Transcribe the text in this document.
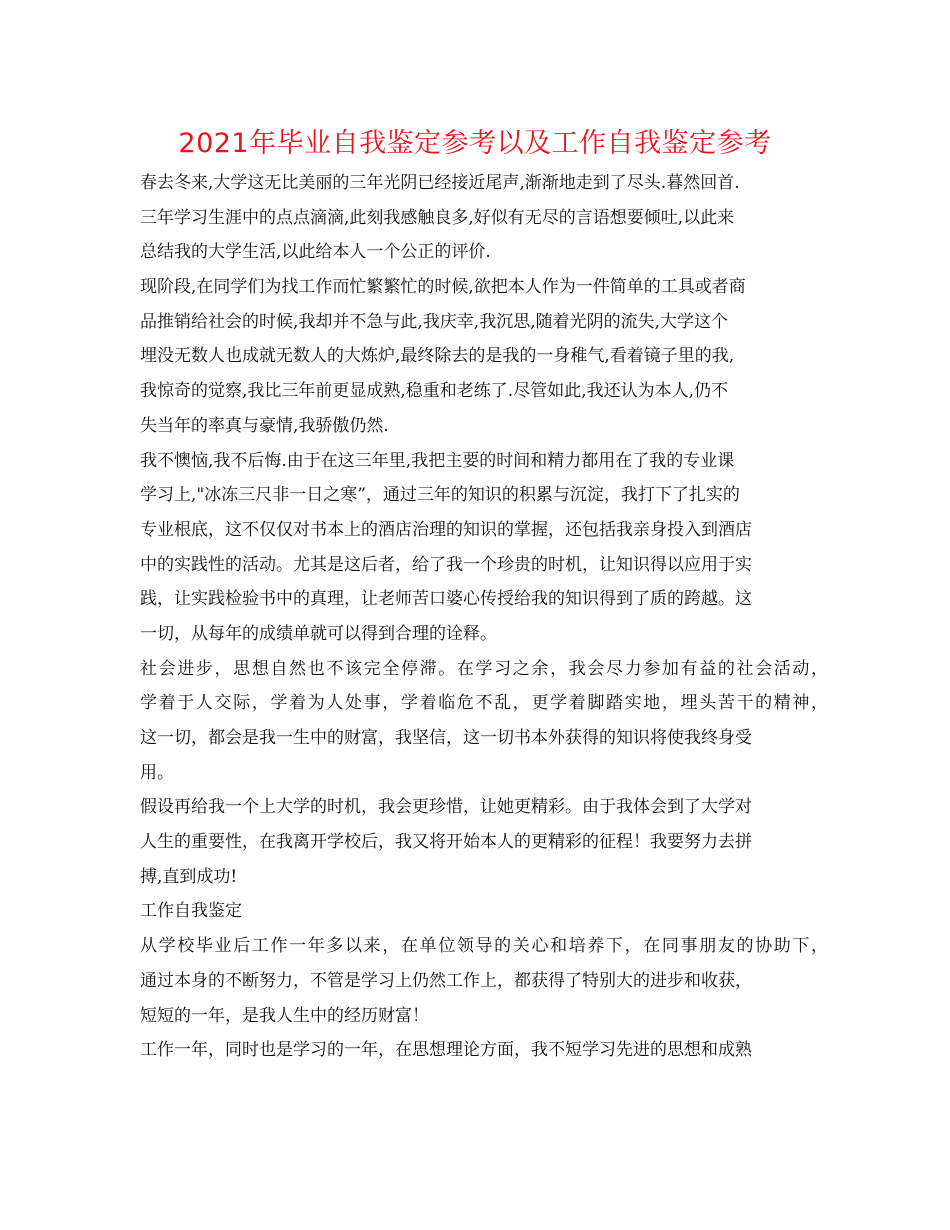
2021年毕业自我鉴定参考以及工作自我鉴定参考
春去冬来,大学这无比美丽的三年光阴已经接近尾声,渐渐地走到了尽头.暮然回首.
三年学习生涯中的点点滴滴,此刻我感触良多,好似有无尽的言语想要倾吐,以此来
总结我的大学生活,以此给本人一个公正的评价.
现阶段,在同学们为找工作而忙繁繁忙的时候,欲把本人作为一件简单的工具或者商
品推销给社会的时候,我却并不急与此,我庆幸,我沉思,随着光阴的流失,大学这个
埋没无数人也成就无数人的大炼炉,最终除去的是我的一身稚气,看着镜子里的我,
我惊奇的觉察,我比三年前更显成熟,稳重和老练了.尽管如此,我还认为本人,仍不
失当年的率真与豪情,我骄傲仍然.
我不懊恼,我不后悔.由于在这三年里,我把主要的时间和精力都用在了我的专业课
学习上,"冰冻三尺非一日之寒”，通过三年的知识的积累与沉淀，我打下了扎实的
专业根底，这不仅仅对书本上的酒店治理的知识的掌握，还包括我亲身投入到酒店
中的实践性的活动。尤其是这后者，给了我一个珍贵的时机，让知识得以应用于实
践，让实践检验书中的真理，让老师苦口婆心传授给我的知识得到了质的跨越。这
一切，从每年的成绩单就可以得到合理的诠释。
社会进步，思想自然也不该完全停滞。在学习之余，我会尽力参加有益的社会活动，
学着于人交际，学着为人处事，学着临危不乱，更学着脚踏实地，埋头苦干的精神，
这一切，都会是我一生中的财富，我坚信，这一切书本外获得的知识将使我终身受
用。
假设再给我一个上大学的时机，我会更珍惜，让她更精彩。由于我体会到了大学对
人生的重要性，在我离开学校后，我又将开始本人的更精彩的征程！我要努力去拼
搏,直到成功!
工作自我鉴定
从学校毕业后工作一年多以来，在单位领导的关心和培养下，在同事朋友的协助下，
通过本身的不断努力，不管是学习上仍然工作上，都获得了特别大的进步和收获，
短短的一年，是我人生中的经历财富！
工作一年，同时也是学习的一年，在思想理论方面，我不短学习先进的思想和成熟
